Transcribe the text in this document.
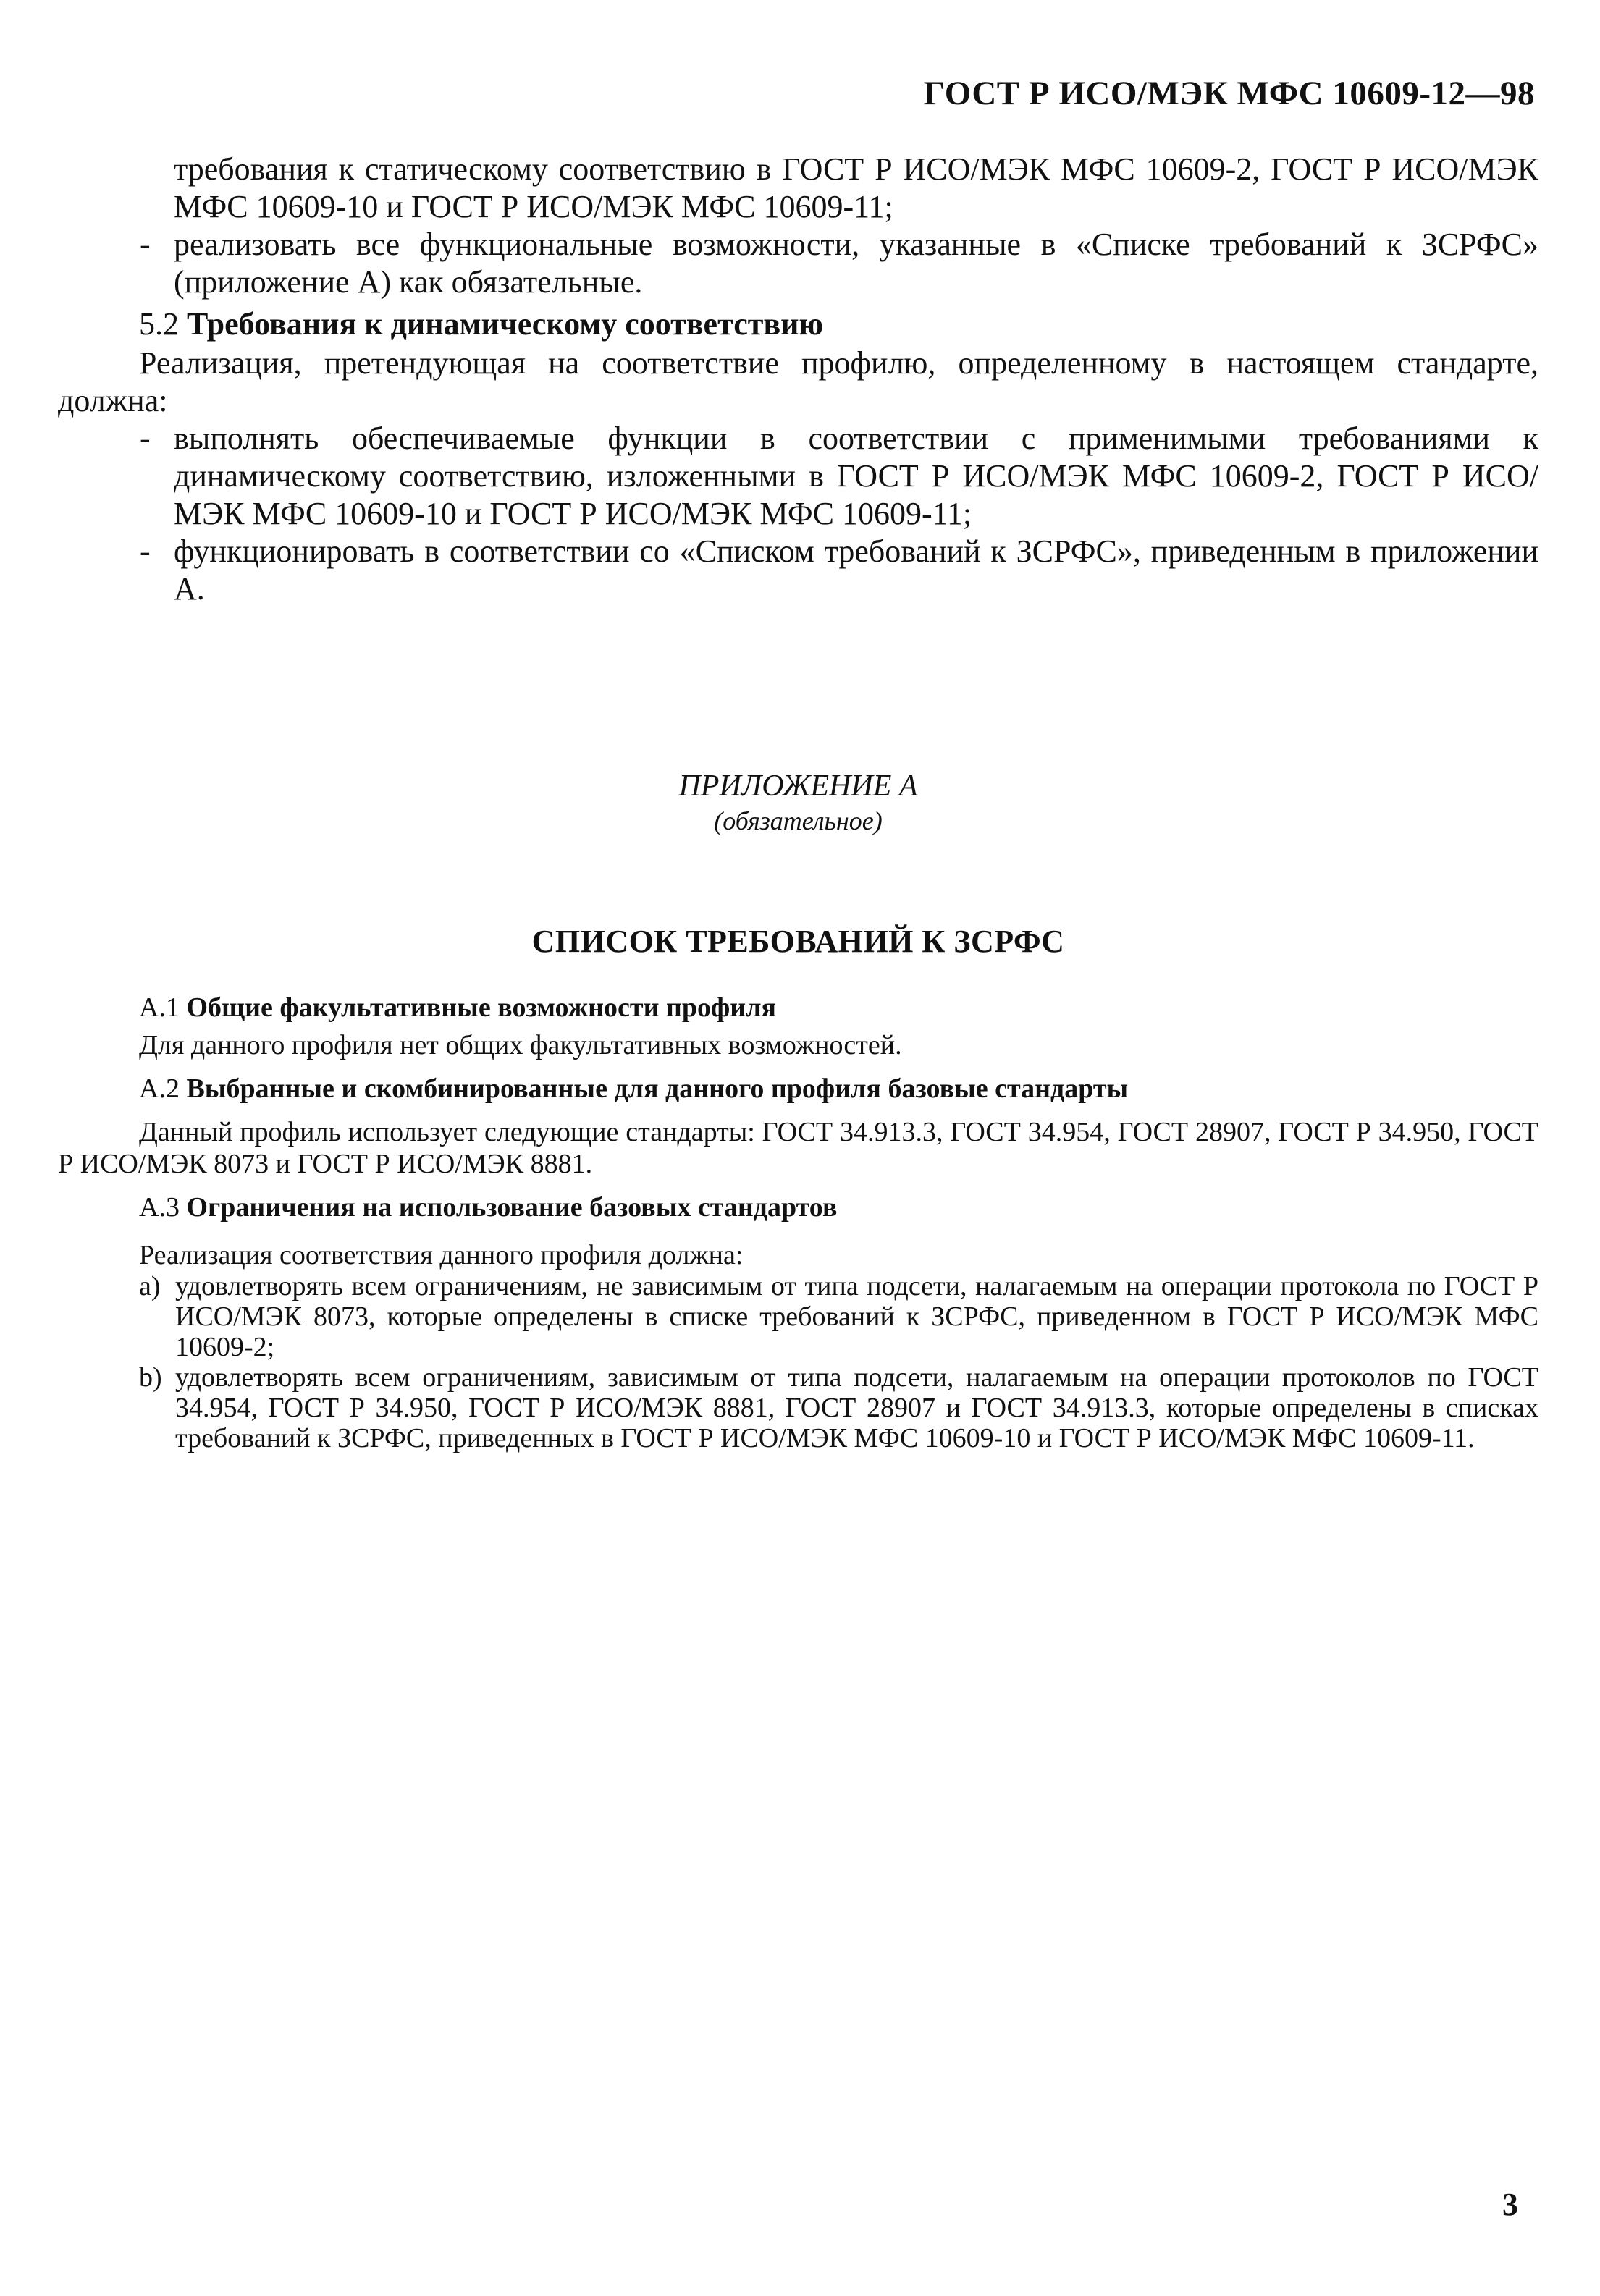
ГОСТ Р ИСО/МЭК МФС 10609-12—98

требования к статическому соответствию в ГОСТ Р ИСО/МЭК МФС 10609-2, ГОСТ Р ИСО/МЭК МФС 10609-10 и ГОСТ Р ИСО/МЭК МФС 10609-11;

- реализовать все функциональные возможности, указанные в «Списке требований к ЗСРФС» (приложение А) как обязательные.
5.2 Требования к динамическому соответствию

Реализация, претендующая на соответствие профилю, определенному в настоящем стандарте, должна:

- выполнять обеспечиваемые функции в соответствии с применимыми требованиями к динамическому соответствию, изложенными в ГОСТ Р ИСО/МЭК МФС 10609-2, ГОСТ Р ИСО/МЭК МФС 10609-10 и ГОСТ Р ИСО/МЭК МФС 10609-11;
- функционировать в соответствии со «Списком требований к ЗСРФС», приведенным в приложении А.
ПРИЛОЖЕНИЕ А
(обязательное)
СПИСОК ТРЕБОВАНИЙ К ЗСРФС
А.1 Общие факультативные возможности профиля
Для данного профиля нет общих факультативных возможностей.
А.2 Выбранные и скомбинированные для данного профиля базовые стандарты
Данный профиль использует следующие стандарты: ГОСТ 34.913.3, ГОСТ 34.954, ГОСТ 28907, ГОСТ Р 34.950, ГОСТ Р ИСО/МЭК 8073 и ГОСТ Р ИСО/МЭК 8881.
А.3 Ограничения на использование базовых стандартов
Реализация соответствия данного профиля должна:
a) удовлетворять всем ограничениям, не зависимым от типа подсети, налагаемым на операции протокола по ГОСТ Р ИСО/МЭК 8073, которые определены в списке требований к ЗСРФС, приведенном в ГОСТ Р ИСО/МЭК МФС 10609-2;
b) удовлетворять всем ограничениям, зависимым от типа подсети, налагаемым на операции протоколов по ГОСТ 34.954, ГОСТ Р 34.950, ГОСТ Р ИСО/МЭК 8881, ГОСТ 28907 и ГОСТ 34.913.3, которые определены в списках требований к ЗСРФС, приведенных в ГОСТ Р ИСО/МЭК МФС 10609-10 и ГОСТ Р ИСО/МЭК МФС 10609-11.
3
